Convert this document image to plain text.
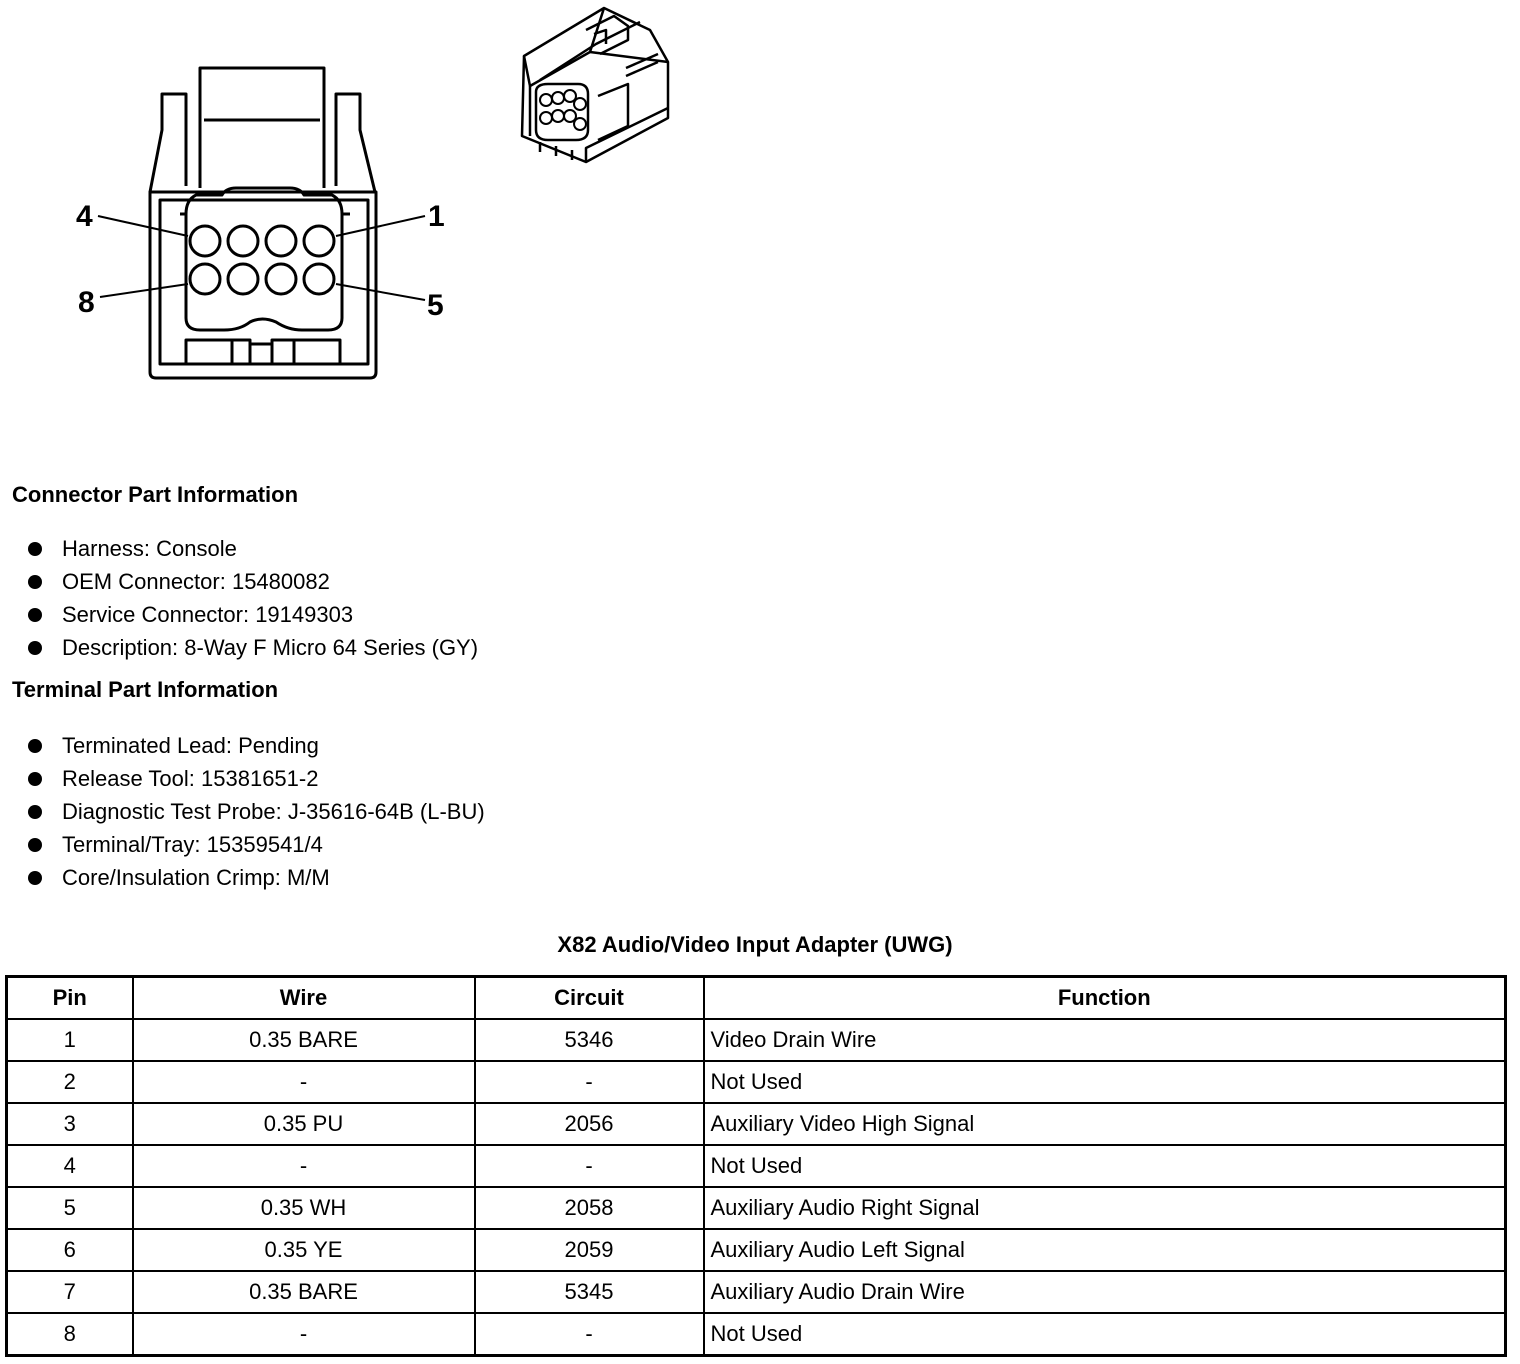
4	1
8	5
Connector Part Information
Harness: Console
OEM Connector: 15480082
Service Connector: 19149303
Description: 8-Way F Micro 64 Series (GY)
Terminal Part Information
Terminated Lead: Pending
Release Tool: 15381651-2
Diagnostic Test Probe: J-35616-64B (L-BU)
Terminal/Tray: 15359541/4
Core/Insulation Crimp: M/M
X82 Audio/Video Input Adapter (UWG)
Pin	Wire	Circuit	Function
1	0.35 BARE	5346	Video Drain Wire
2	-	-	Not Used
3	0.35 PU	2056	Auxiliary Video High Signal
4	-	-	Not Used
5	0.35 WH	2058	Auxiliary Audio Right Signal
6	0.35 YE	2059	Auxiliary Audio Left Signal
7	0.35 BARE	5345	Auxiliary Audio Drain Wire
8	-	-	Not Used
